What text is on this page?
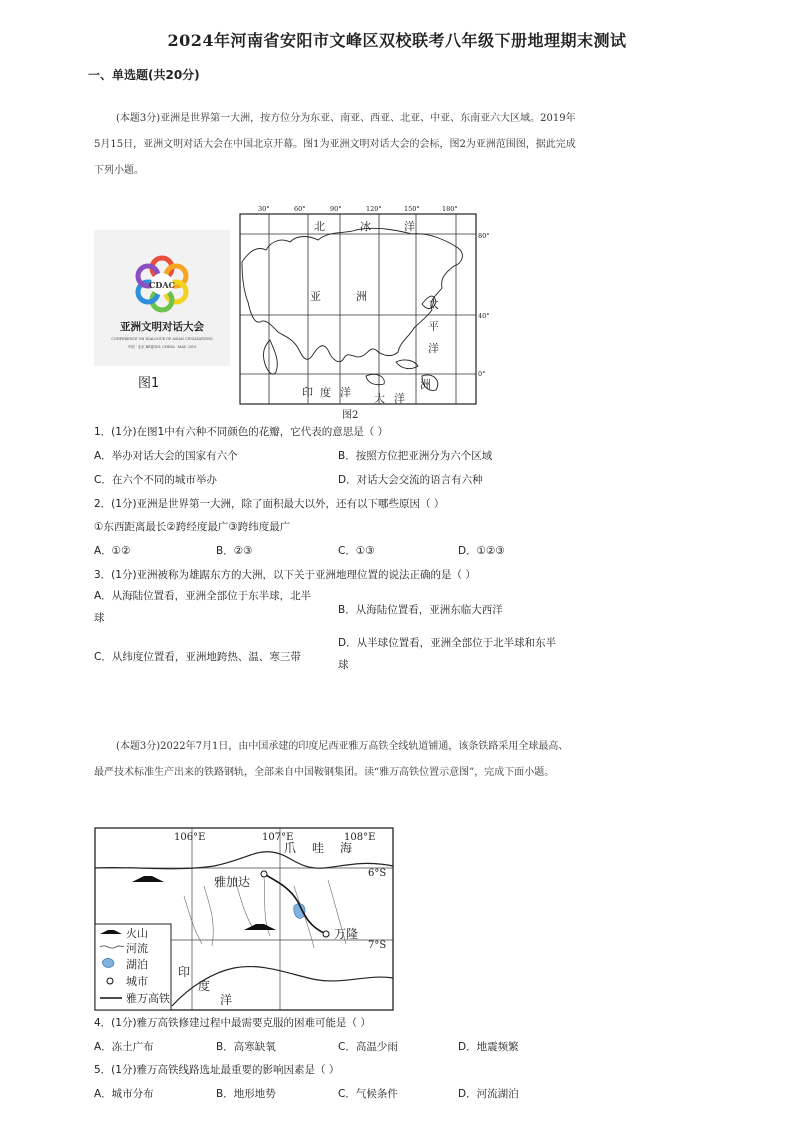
2024年河南省安阳市文峰区双校联考八年级下册地理期末测试
一、单选题(共20分)
(本题3分)亚洲是世界第一大洲，按方位分为东亚、南亚、西亚、北亚、中亚、东南亚六大区域。2019年5月15日，亚洲文明对话大会在中国北京开幕。图1为亚洲文明对话大会的会标，图2为亚洲范围图，据此完成下列小题。
CDAC
亚洲文明对话大会
CONFERENCE ON DIALOGUE OF ASIAN CIVILIZATIONS
中国 · 北京 BEIJING, CHINA · MAY, 2019
图1
30°	60°	90°	120°	150°	180°
80°
40°
0°
北	冰	洋
亚	洲
太
平
洋
印 度 洋 大 洋
洲
图2
1．(1分)在图1中有六种不同颜色的花瓣，它代表的意思是（ ）
A．举办对话大会的国家有六个	B．按照方位把亚洲分为六个区域
C．在六个不同的城市举办	D．对话大会交流的语言有六种
2．(1分)亚洲是世界第一大洲，除了面积最大以外，还有以下哪些原因（ ）
①东西距离最长②跨经度最广③跨纬度最广
A．①②	B．②③	C．①③	D．①②③
3．(1分)亚洲被称为雄踞东方的大洲，以下关于亚洲地理位置的说法正确的是（ ）
A．从海陆位置看，亚洲全部位于东半球，北半
球
B．从海陆位置看，亚洲东临大西洋
C．从纬度位置看，亚洲地跨热、温、寒三带
D．从半球位置看，亚洲全部位于北半球和东半
球
(本题3分)2022年7月1日，由中国承建的印度尼西亚雅万高铁全线轨道铺通，该条铁路采用全球最高、最严技术标准生产出来的铁路钢轨，全部来自中国鞍钢集团。读“雅万高铁位置示意图”，完成下面小题。
106°E	107°E	108°E
6°S
7°S
爪 哇 海
雅加达
万隆
印
度
洋
火山
河流
湖泊
城市
雅万高铁
4．(1分)雅万高铁修建过程中最需要克服的困难可能是（ ）
A．冻土广布	B．高寒缺氧	C．高温少雨	D．地震频繁
5．(1分)雅万高铁线路选址最重要的影响因素是（ ）
A．城市分布	B．地形地势	C．气候条件	D．河流湖泊
